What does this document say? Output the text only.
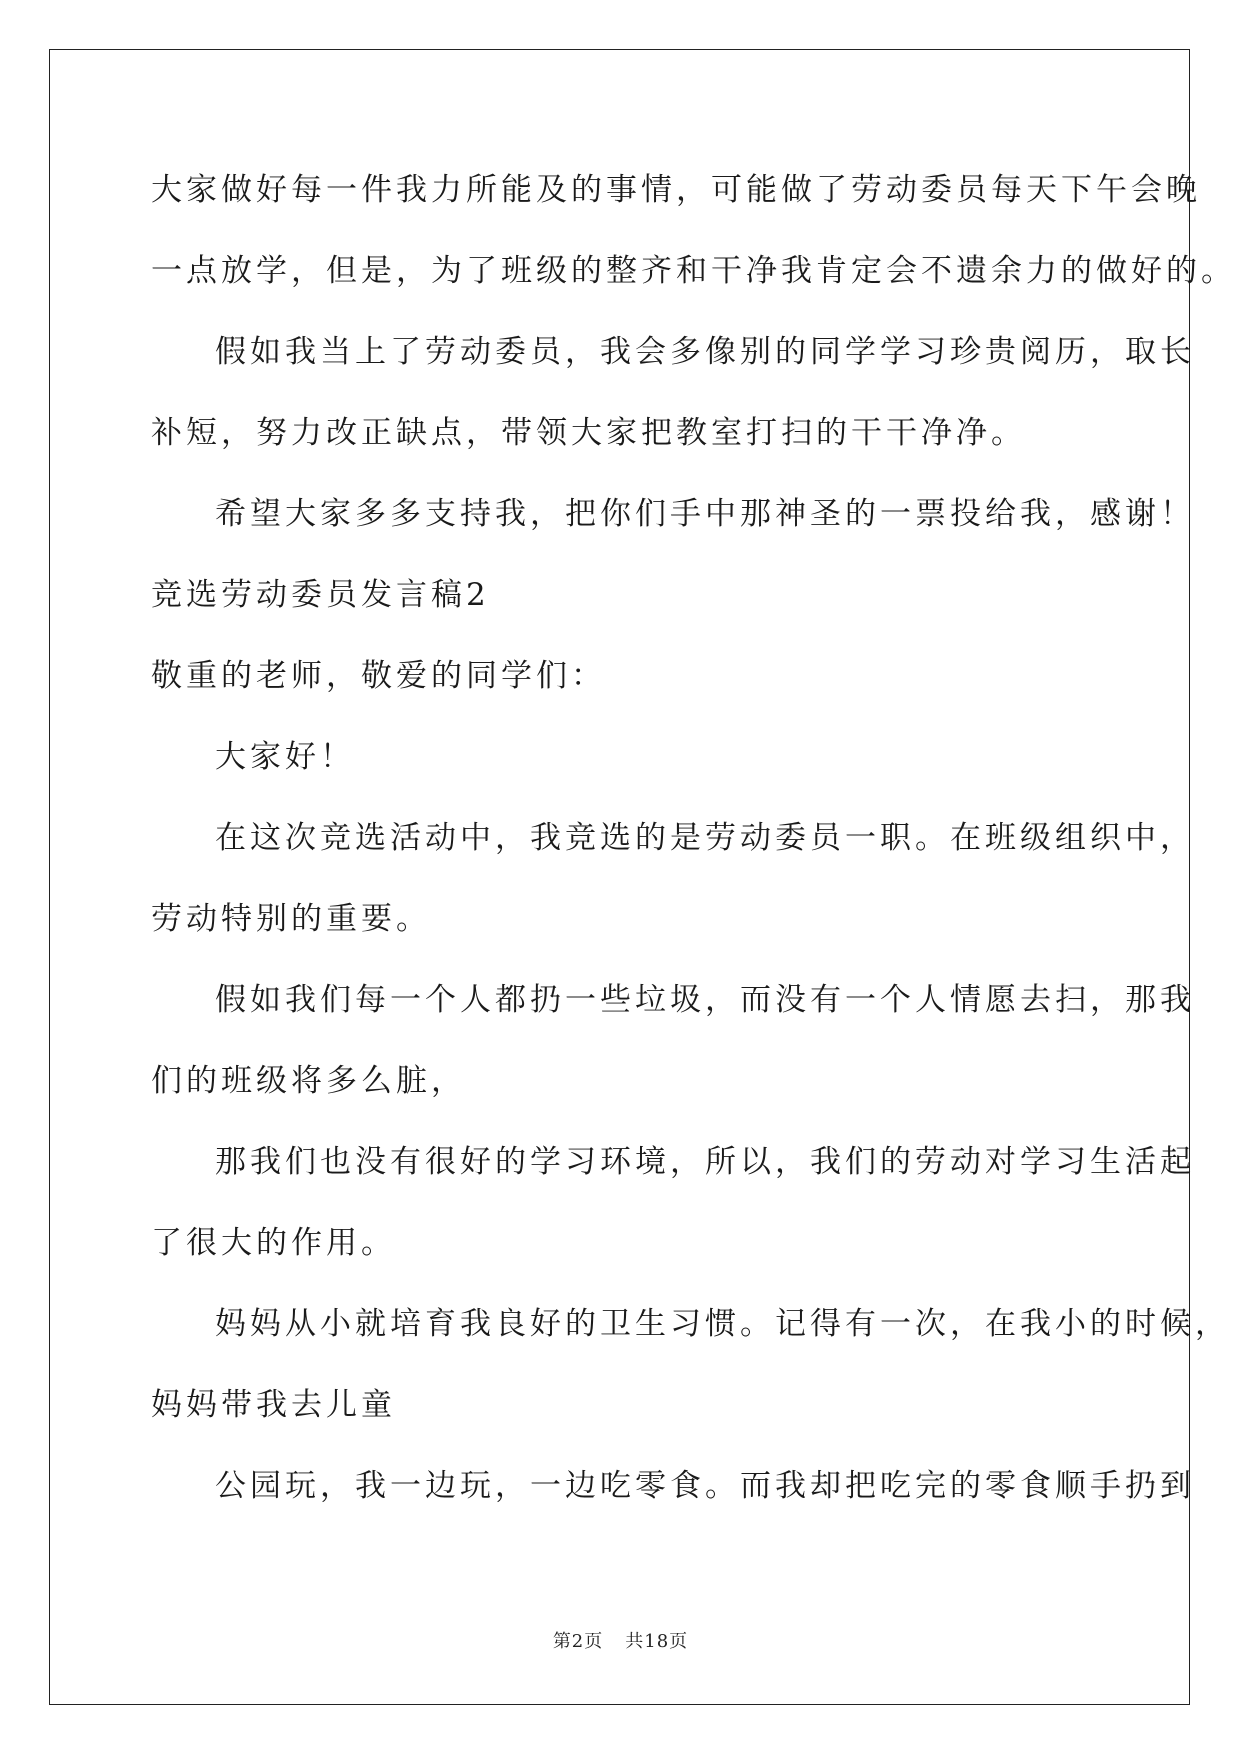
大家做好每一件我力所能及的事情，可能做了劳动委员每天下午会晚
一点放学，但是，为了班级的整齐和干净我肯定会不遗余力的做好的。
假如我当上了劳动委员，我会多像别的同学学习珍贵阅历，取长
补短，努力改正缺点，带领大家把教室打扫的干干净净。
希望大家多多支持我，把你们手中那神圣的一票投给我，感谢！
竞选劳动委员发言稿2
敬重的老师，敬爱的同学们：
大家好！
在这次竞选活动中，我竞选的是劳动委员一职。在班级组织中，
劳动特别的重要。
假如我们每一个人都扔一些垃圾，而没有一个人情愿去扫，那我
们的班级将多么脏，
那我们也没有很好的学习环境，所以，我们的劳动对学习生活起
了很大的作用。
妈妈从小就培育我良好的卫生习惯。记得有一次，在我小的时候，
妈妈带我去儿童
公园玩，我一边玩，一边吃零食。而我却把吃完的零食顺手扔到
第2页 共18页
